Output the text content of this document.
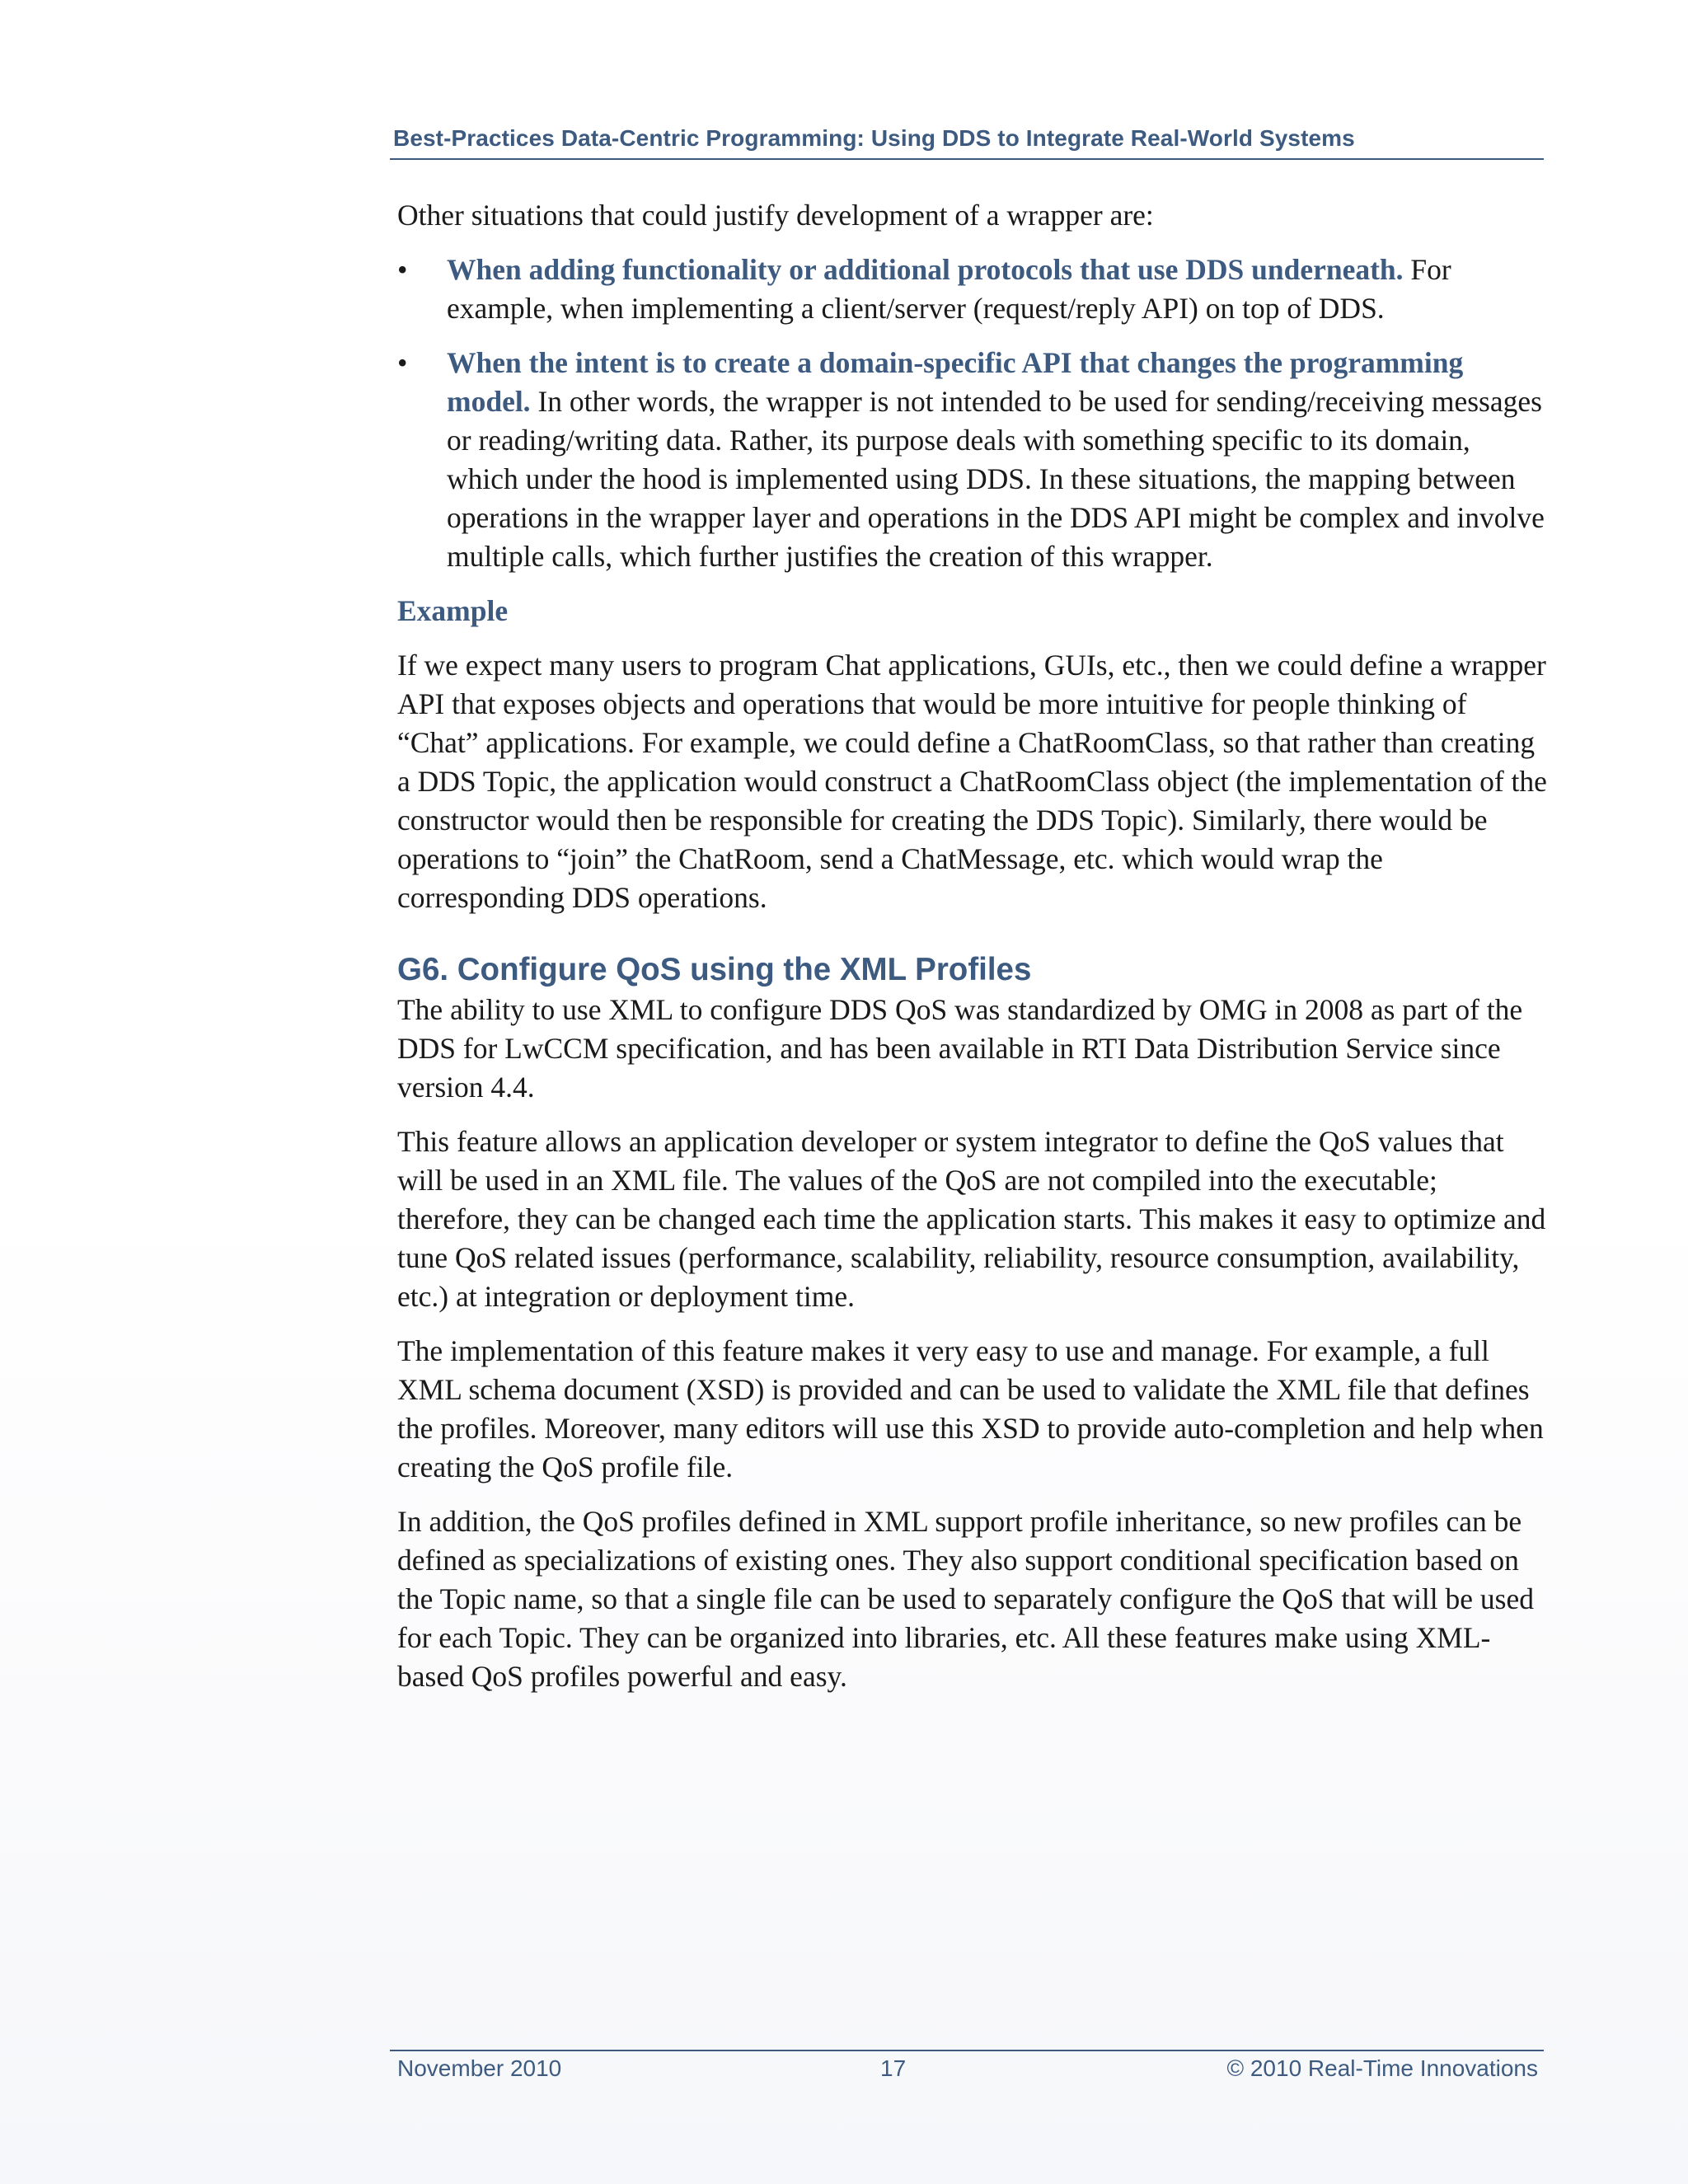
Best-Practices Data-Centric Programming: Using DDS to Integrate Real-World Systems

Other situations that could justify development of a wrapper are:

• When adding functionality or additional protocols that use DDS underneath. For example, when implementing a client/server (request/reply API) on top of DDS.
• When the intent is to create a domain-specific API that changes the programming model. In other words, the wrapper is not intended to be used for sending/receiving messages or reading/writing data. Rather, its purpose deals with something specific to its domain, which under the hood is implemented using DDS. In these situations, the mapping between operations in the wrapper layer and operations in the DDS API might be complex and involve multiple calls, which further justifies the creation of this wrapper.
Example

If we expect many users to program Chat applications, GUIs, etc., then we could define a wrapper API that exposes objects and operations that would be more intuitive for people thinking of “Chat” applications. For example, we could define a ChatRoomClass, so that rather than creating a DDS Topic, the application would construct a ChatRoomClass object (the implementation of the constructor would then be responsible for creating the DDS Topic). Similarly, there would be operations to “join” the ChatRoom, send a ChatMessage, etc. which would wrap the corresponding DDS operations.

G6. Configure QoS using the XML Profiles

The ability to use XML to configure DDS QoS was standardized by OMG in 2008 as part of the DDS for LwCCM specification, and has been available in RTI Data Distribution Service since version 4.4.

This feature allows an application developer or system integrator to define the QoS values that will be used in an XML file. The values of the QoS are not compiled into the executable; therefore, they can be changed each time the application starts. This makes it easy to optimize and tune QoS related issues (performance, scalability, reliability, resource consumption, availability, etc.) at integration or deployment time.

The implementation of this feature makes it very easy to use and manage. For example, a full XML schema document (XSD) is provided and can be used to validate the XML file that defines the profiles. Moreover, many editors will use this XSD to provide auto-completion and help when creating the QoS profile file.

In addition, the QoS profiles defined in XML support profile inheritance, so new profiles can be defined as specializations of existing ones. They also support conditional specification based on the Topic name, so that a single file can be used to separately configure the QoS that will be used for each Topic. They can be organized into libraries, etc. All these features make using XML-based QoS profiles powerful and easy.

November 2010	17	© 2010 Real-Time Innovations
